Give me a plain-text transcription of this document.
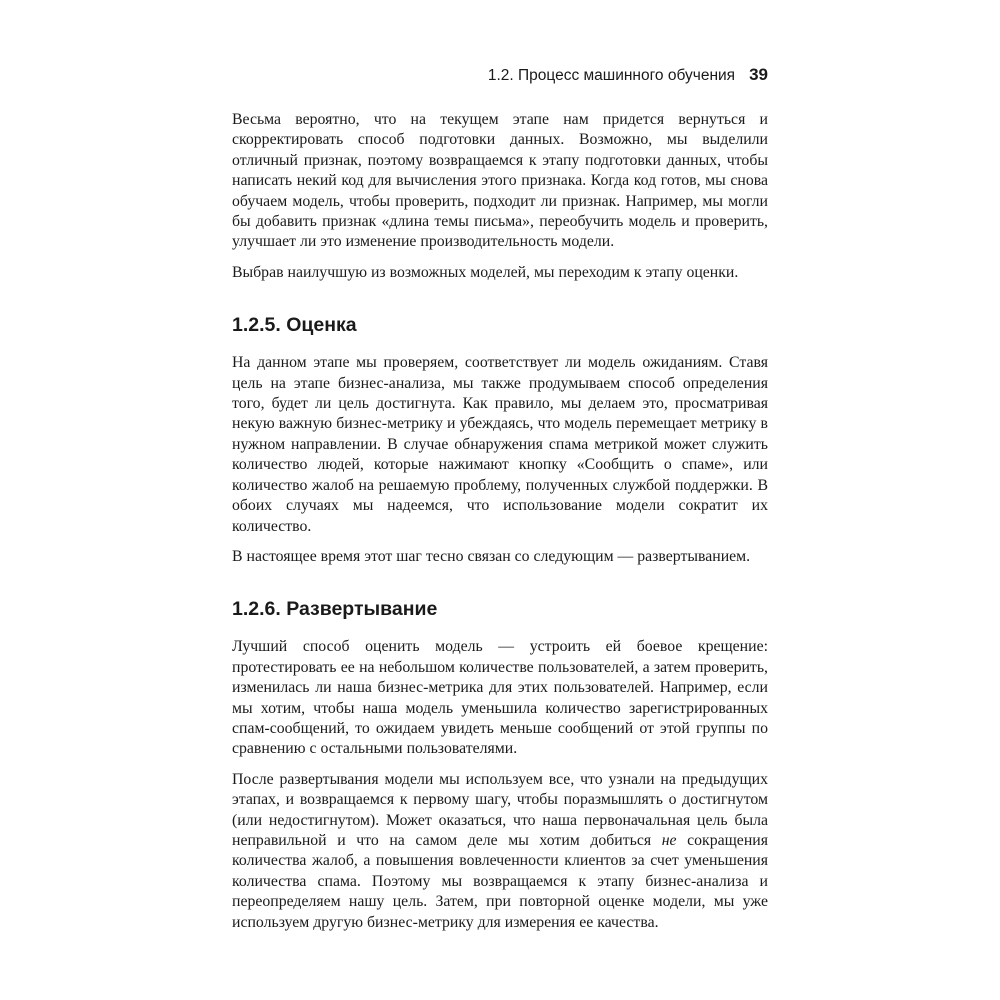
1.2. Процесс машинного обучения 39

Весьма вероятно, что на текущем этапе нам придется вернуться и скорректировать способ подготовки данных. Возможно, мы выделили отличный признак, поэтому возвращаемся к этапу подготовки данных, чтобы написать некий код для вычисления этого признака. Когда код готов, мы снова обучаем модель, чтобы проверить, подходит ли признак. Например, мы могли бы добавить признак «длина темы письма», переобучить модель и проверить, улучшает ли это изменение производительность модели.

Выбрав наилучшую из возможных моделей, мы переходим к этапу оценки.

1.2.5. Оценка

На данном этапе мы проверяем, соответствует ли модель ожиданиям. Ставя цель на этапе бизнес-анализа, мы также продумываем способ определения того, будет ли цель достигнута. Как правило, мы делаем это, просматривая некую важную бизнес-метрику и убеждаясь, что модель перемещает метрику в нужном направлении. В случае обнаружения спама метрикой может служить количество людей, которые нажимают кнопку «Сообщить о спаме», или количество жалоб на решаемую проблему, полученных службой поддержки. В обоих случаях мы надеемся, что использование модели сократит их количество.

В настоящее время этот шаг тесно связан со следующим — развертыванием.

1.2.6. Развертывание

Лучший способ оценить модель — устроить ей боевое крещение: протестировать ее на небольшом количестве пользователей, а затем проверить, изменилась ли наша бизнес-метрика для этих пользователей. Например, если мы хотим, чтобы наша модель уменьшила количество зарегистрированных спам-сообщений, то ожидаем увидеть меньше сообщений от этой группы по сравнению с остальными пользователями.

После развертывания модели мы используем все, что узнали на предыдущих этапах, и возвращаемся к первому шагу, чтобы поразмышлять о достигнутом (или недостигнутом). Может оказаться, что наша первоначальная цель была неправильной и что на самом деле мы хотим добиться не сокращения количества жалоб, а повышения вовлеченности клиентов за счет уменьшения количества спама. Поэтому мы возвращаемся к этапу бизнес-анализа и переопределяем нашу цель. Затем, при повторной оценке модели, мы уже используем другую бизнес-метрику для измерения ее качества.
